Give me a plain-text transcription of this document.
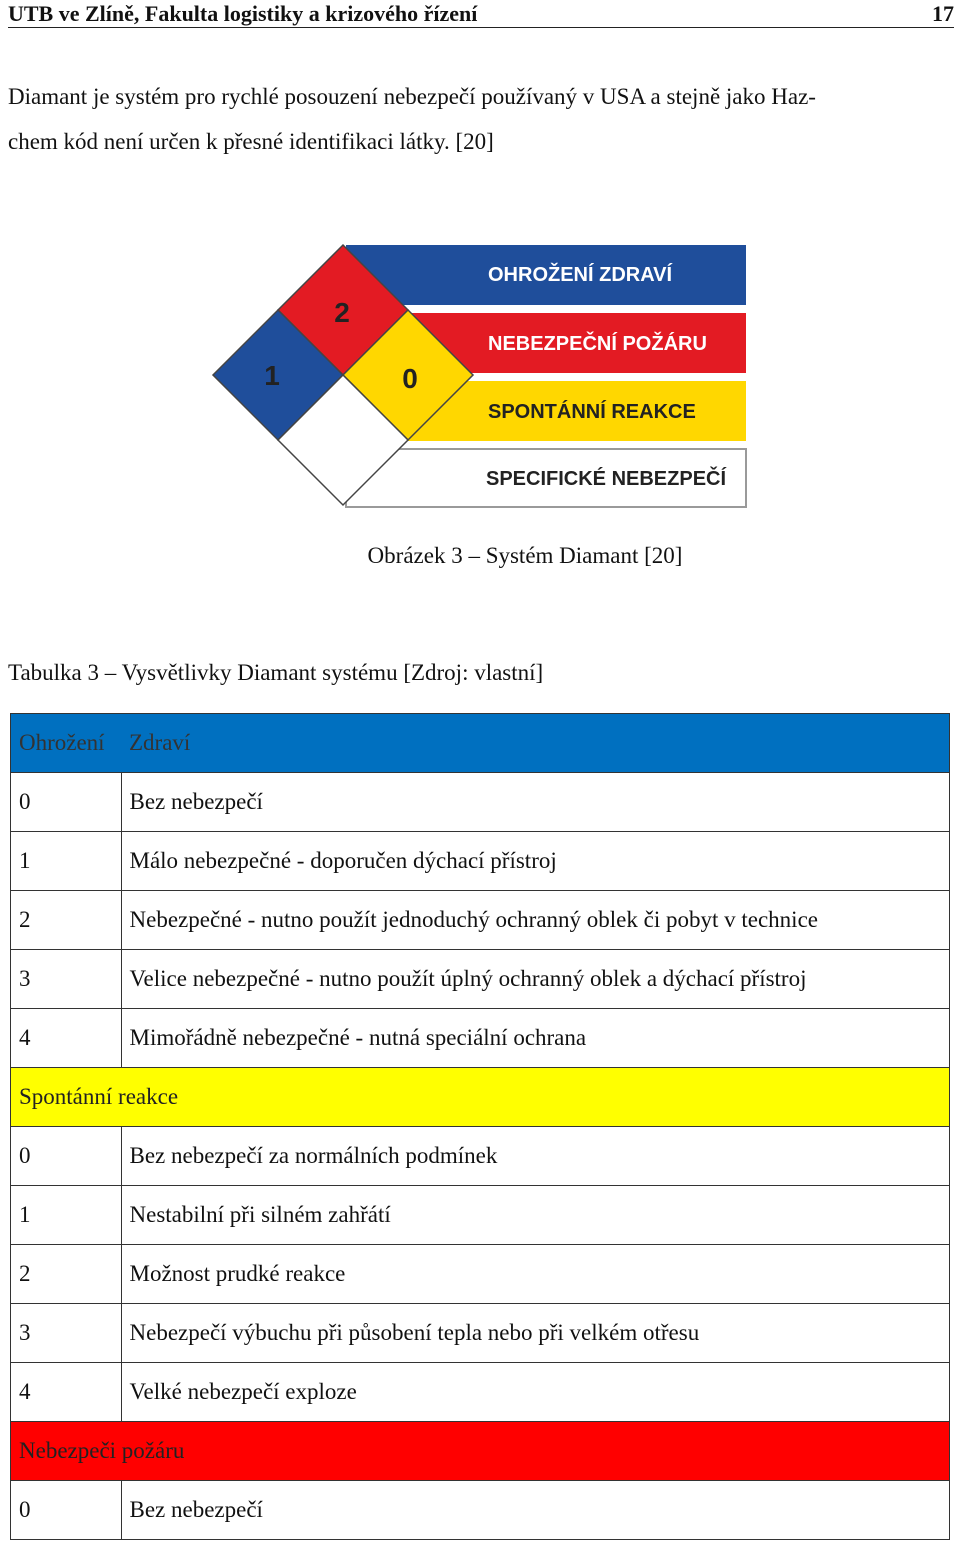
UTB ve Zlíně, Fakulta logistiky a krizového řízení	17
Diamant je systém pro rychlé posouzení nebezpečí používaný v USA a stejně jako Haz-
chem kód není určen k přesné identifikaci látky. [20]
2
1	0
OHROŽENÍ ZDRAVÍ
NEBEZPEČNÍ POŽÁRU
SPONTÁNNÍ REAKCE
SPECIFICKÉ NEBEZPEČÍ
Obrázek 3 – Systém Diamant [20]
Tabulka 3 – Vysvětlivky Diamant systému [Zdroj: vlastní]
Ohrožení	Zdraví
0	Bez nebezpečí
1	Málo nebezpečné - doporučen dýchací přístroj
2	Nebezpečné - nutno použít jednoduchý ochranný oblek či pobyt v technice
3	Velice nebezpečné - nutno použít úplný ochranný oblek a dýchací přístroj
4	Mimořádně nebezpečné - nutná speciální ochrana
Spontánní reakce	
0	Bez nebezpečí za normálních podmínek
1	Nestabilní při silném zahřátí
2	Možnost prudké reakce
3	Nebezpečí výbuchu při působení tepla nebo při velkém otřesu
4	Velké nebezpečí exploze
Nebezpeči požáru	
0	Bez nebezpečí
